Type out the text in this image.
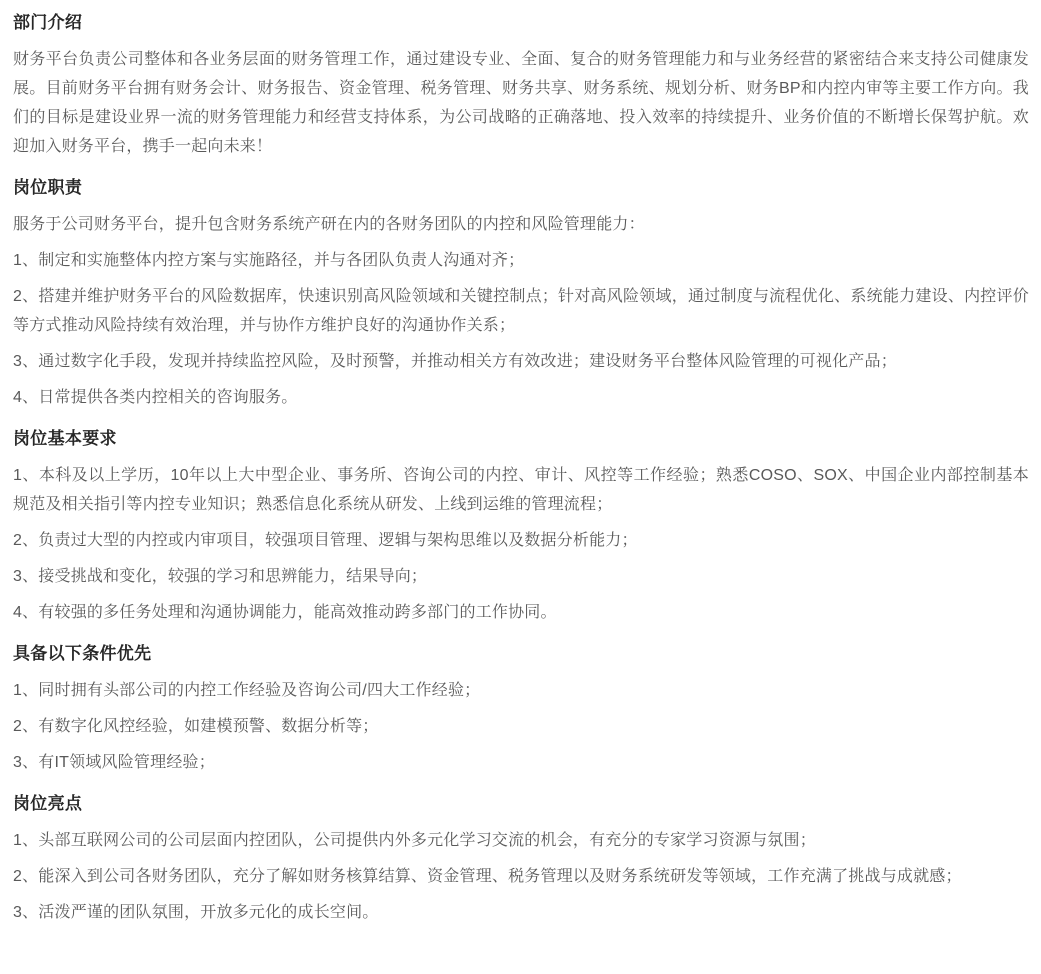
部门介绍

财务平台负责公司整体和各业务层面的财务管理工作，通过建设专业、全面、复合的财务管理能力和与业务经营的紧密结合来支持公司健康发展。目前财务平台拥有财务会计、财务报告、资金管理、税务管理、财务共享、财务系统、规划分析、财务BP和内控内审等主要工作方向。我们的目标是建设业界一流的财务管理能力和经营支持体系，为公司战略的正确落地、投入效率的持续提升、业务价值的不断增长保驾护航。欢迎加入财务平台，携手一起向未来！

岗位职责

服务于公司财务平台，提升包含财务系统产研在内的各财务团队的内控和风险管理能力：

1、制定和实施整体内控方案与实施路径，并与各团队负责人沟通对齐；

2、搭建并维护财务平台的风险数据库，快速识别高风险领域和关键控制点；针对高风险领域，通过制度与流程优化、系统能力建设、内控评价等方式推动风险持续有效治理，并与协作方维护良好的沟通协作关系；

3、通过数字化手段，发现并持续监控风险，及时预警，并推动相关方有效改进；建设财务平台整体风险管理的可视化产品；

4、日常提供各类内控相关的咨询服务。

岗位基本要求

1、本科及以上学历，10年以上大中型企业、事务所、咨询公司的内控、审计、风控等工作经验；熟悉COSO、SOX、中国企业内部控制基本规范及相关指引等内控专业知识；熟悉信息化系统从研发、上线到运维的管理流程；

2、负责过大型的内控或内审项目，较强项目管理、逻辑与架构思维以及数据分析能力；

3、接受挑战和变化，较强的学习和思辨能力，结果导向；

4、有较强的多任务处理和沟通协调能力，能高效推动跨多部门的工作协同。

具备以下条件优先

1、同时拥有头部公司的内控工作经验及咨询公司/四大工作经验；

2、有数字化风控经验，如建模预警、数据分析等；

3、有IT领域风险管理经验；

岗位亮点

1、头部互联网公司的公司层面内控团队，公司提供内外多元化学习交流的机会，有充分的专家学习资源与氛围；

2、能深入到公司各财务团队，充分了解如财务核算结算、资金管理、税务管理以及财务系统研发等领域，工作充满了挑战与成就感；

3、活泼严谨的团队氛围，开放多元化的成长空间。
